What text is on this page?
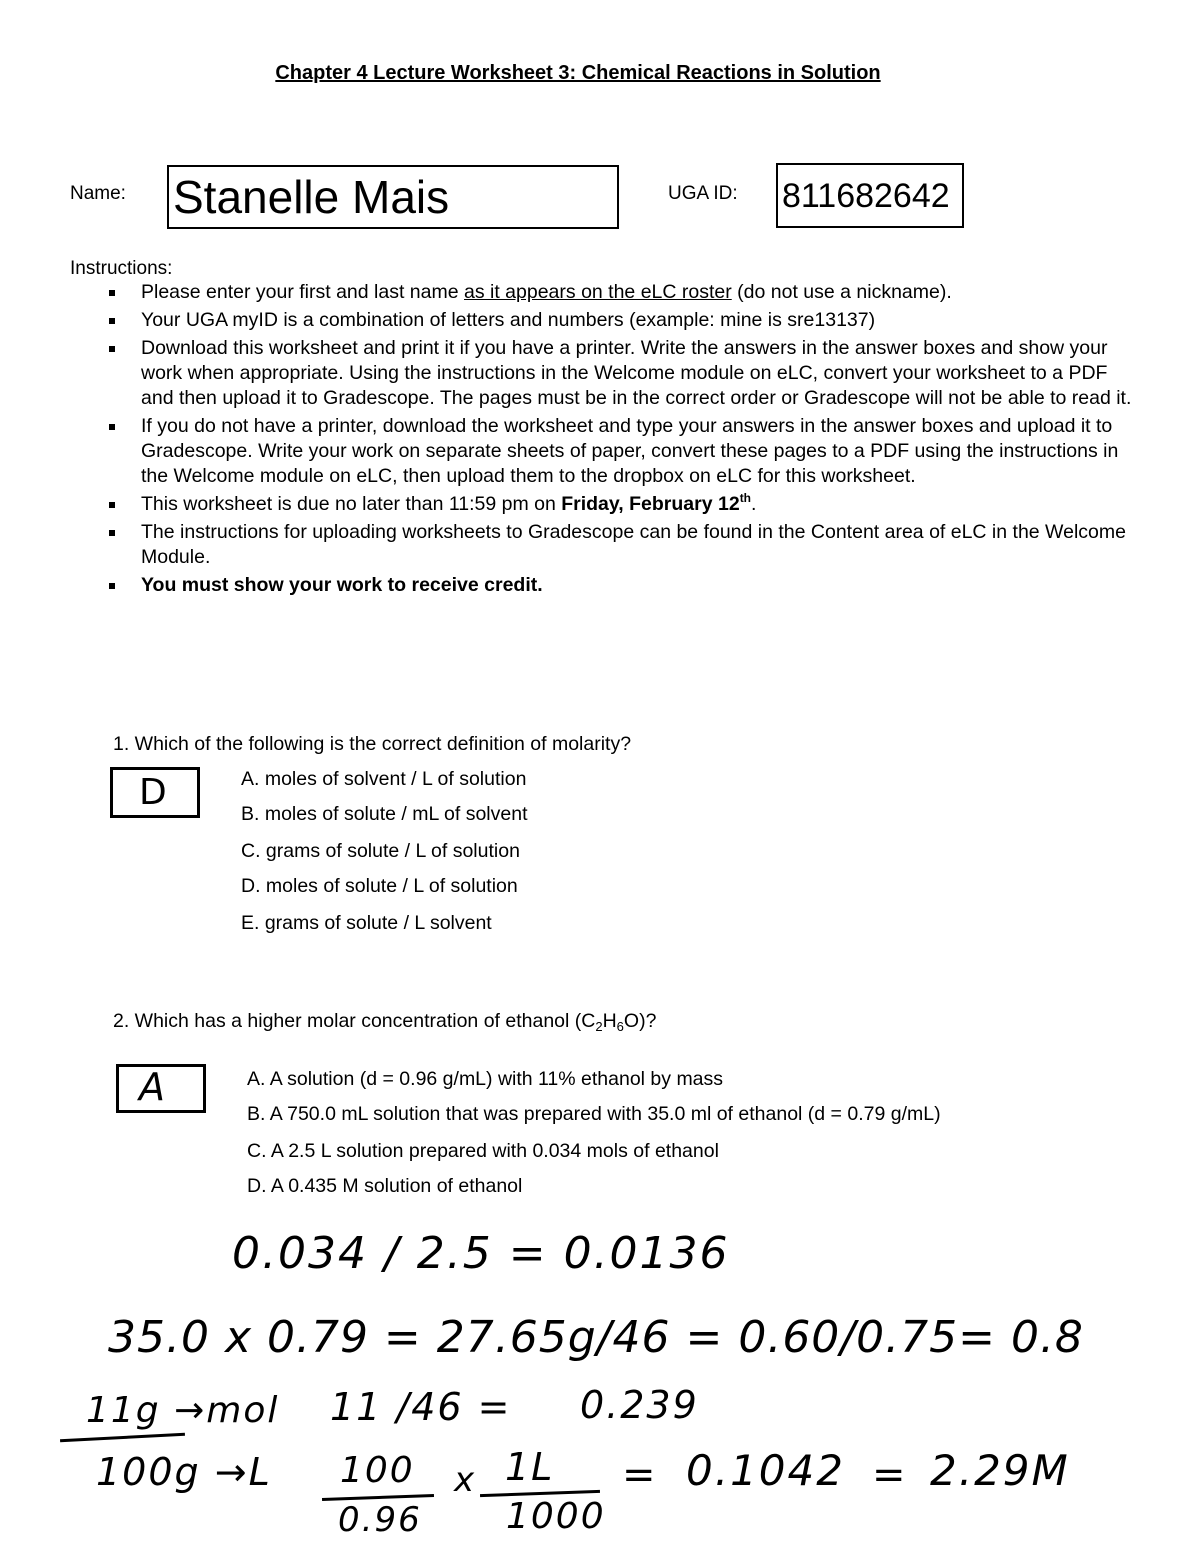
Chapter 4 Lecture Worksheet 3: Chemical Reactions in Solution
Name: Stanelle Mais	UGA ID: 811682642
Instructions:
Please enter your first and last name as it appears on the eLC roster (do not use a nickname).
Your UGA myID is a combination of letters and numbers (example: mine is sre13137)
Download this worksheet and print it if you have a printer. Write the answers in the answer boxes and show your work when appropriate. Using the instructions in the Welcome module on eLC, convert your worksheet to a PDF and then upload it to Gradescope. The pages must be in the correct order or Gradescope will not be able to read it.
If you do not have a printer, download the worksheet and type your answers in the answer boxes and upload it to Gradescope. Write your work on separate sheets of paper, convert these pages to a PDF using the instructions in the Welcome module on eLC, then upload them to the dropbox on eLC for this worksheet.
This worksheet is due no later than 11:59 pm on Friday, February 12th.
The instructions for uploading worksheets to Gradescope can be found in the Content area of eLC in the Welcome Module.
You must show your work to receive credit.
1. Which of the following is the correct definition of molarity?
D	A. moles of solvent / L of solution
B. moles of solute / mL of solvent
C. grams of solute / L of solution
D. moles of solute / L of solution
E. grams of solute / L solvent
2. Which has a higher molar concentration of ethanol $(C_2H_6O)$?
A	A. A solution (d = 0.96 g/mL) with 11% ethanol by mass
B. A 750.0 mL solution that was prepared with 35.0 ml of ethanol (d = 0.79 g/mL)
C. A 2.5 L solution prepared with 0.034 mols of ethanol
D. A 0.435 M solution of ethanol
0.034 / 2.5 = 0.0136
35.0 x 0.79 = 27.65g/46 = 0.60/0.75= 0.8
11g →mol 11 /46 = 0.239
100g →L 100
0.96
x 1L
1000
= 0.1042 = 2.29M
